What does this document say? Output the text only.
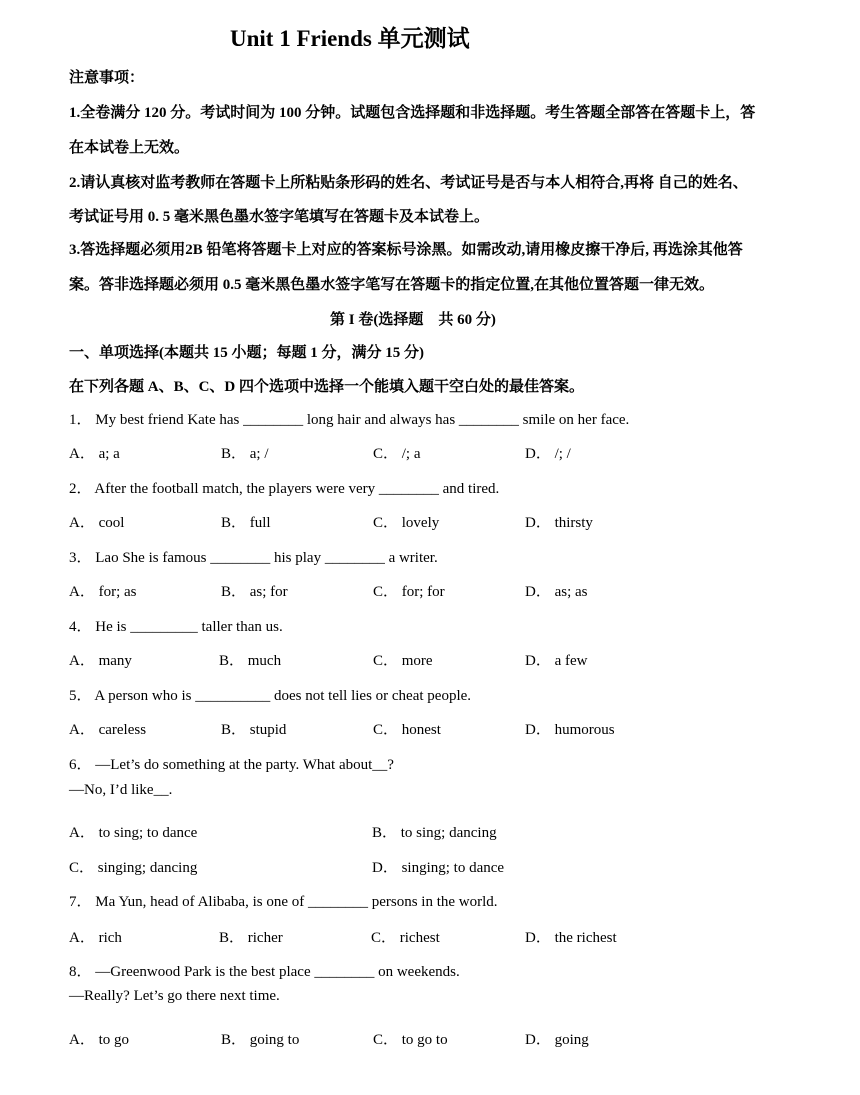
Unit 1 Friends 单元测试
注意事项：
1.全卷满分 120 分。考试时间为 100 分钟。试题包含选择题和非选择题。考生答题全部答在答题卡上，答
在本试卷上无效。
2.请认真核对监考教师在答题卡上所粘贴条形码的姓名、考试证号是否与本人相符合,再将 自己的姓名、
考试证号用 0. 5 毫米黑色墨水签字笔填写在答题卡及本试卷上。
3.答选择题必须用2B 铅笔将答题卡上对应的答案标号涂黑。如需改动,请用橡皮擦干净后, 再选涂其他答
案。答非选择题必须用 0.5 毫米黑色墨水签字笔写在答题卡的指定位置,在其他位置答题一律无效。
第 I 卷(选择题　共 60 分)
一、单项选择(本题共 15 小题；每题 1 分，满分 15 分)
在下列各题 A、B、C、D 四个选项中选择一个能填入题干空白处的最佳答案。
1． My best friend Kate has ________ long hair and always has ________ smile on her face.
A． a; a	B． a; /	C． /; a	D． /; /
2． After the football match, the players were very ________ and tired.
A． cool	B． full	C． lovely	D． thirsty
3． Lao She is famous ________ his play ________ a writer.
A． for; as	B． as; for	C． for; for	D． as; as
4． He is _________ taller than us.
A． many	B． much	C． more	D． a few
5． A person who is __________ does not tell lies or cheat people.
A． careless	B． stupid	C． honest	D． humorous
6． —Let’s do something at the party. What about__?
—No, I’d like__.
A． to sing; to dance	B． to sing; dancing
C． singing; dancing	D． singing; to dance
7． Ma Yun, head of Alibaba, is one of ________ persons in the world.
A． rich	B． richer	C． richest	D． the richest
8． —Greenwood Park is the best place ________ on weekends.
—Really? Let’s go there next time.
A． to go	B． going to	C． to go to	D． going
